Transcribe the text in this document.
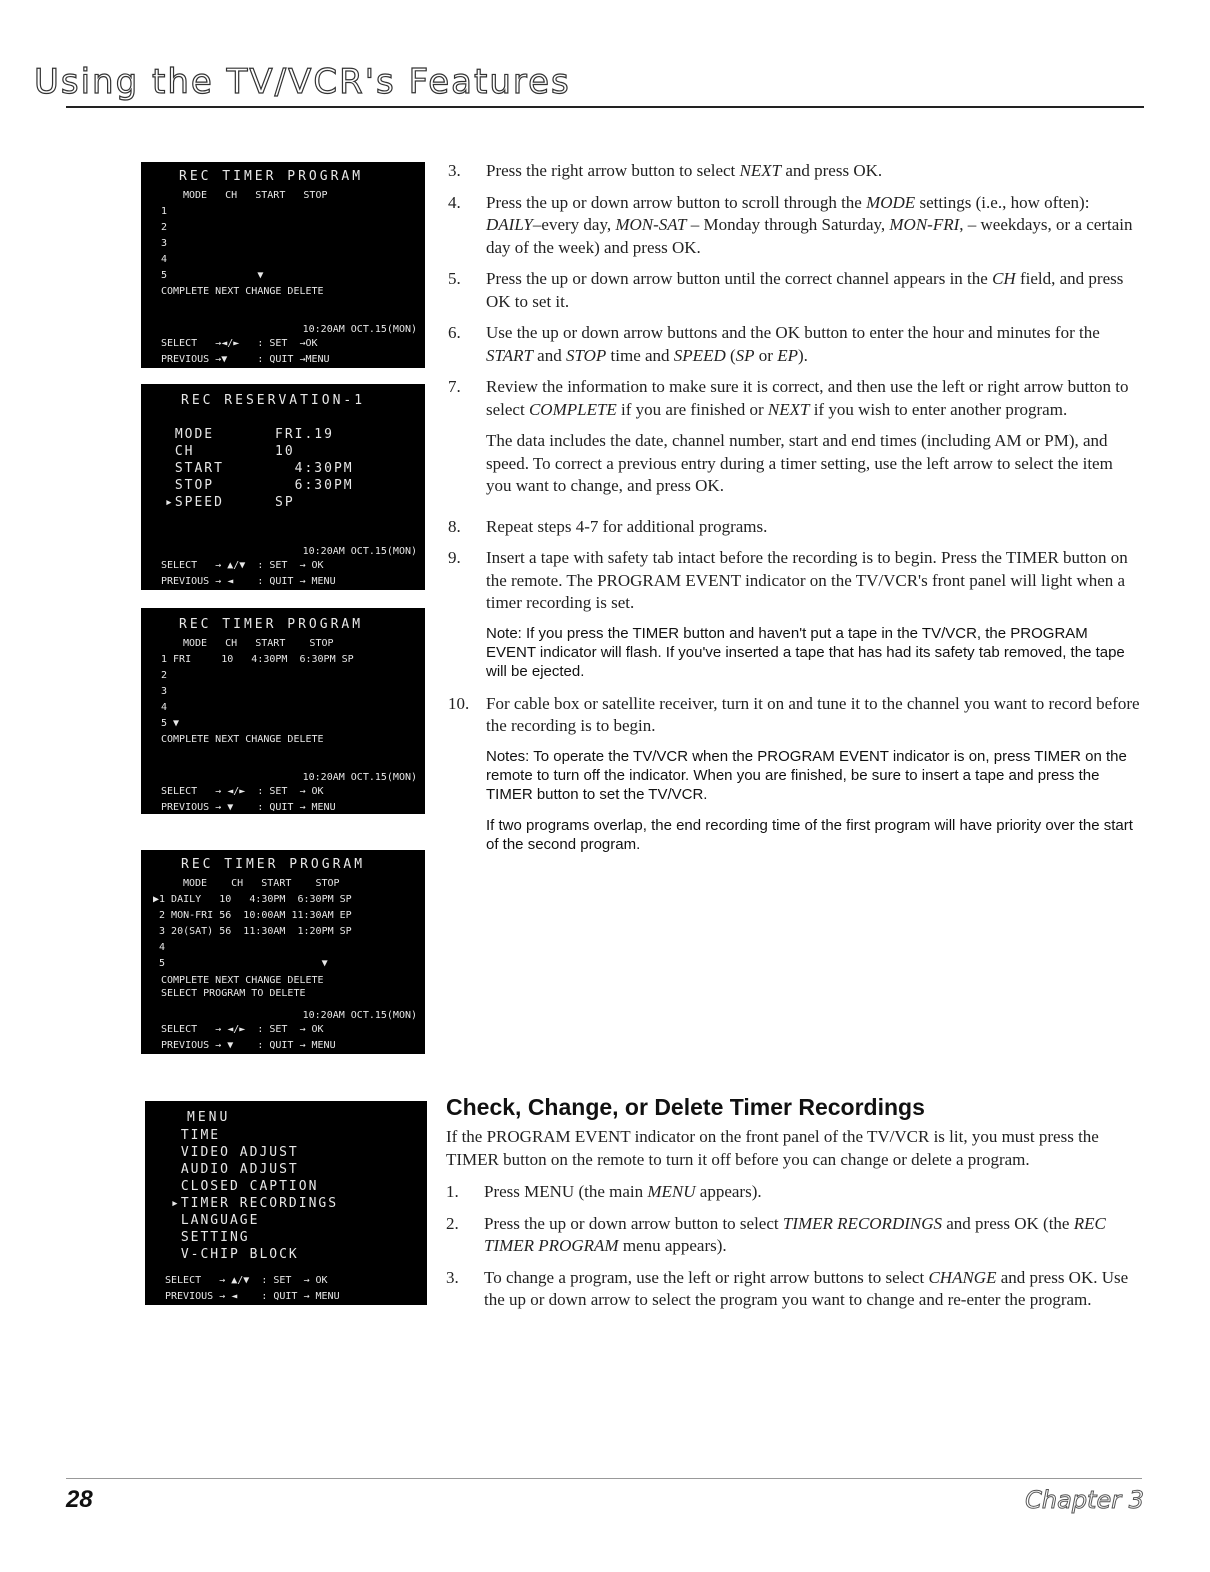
Using the TV/VCR's Features
REC TIMER PROGRAM
MODE   CH   START   STOP
1
2
3
4
5               ▼
COMPLETE NEXT CHANGE DELETE
10:20AM OCT.15(MON)
SELECT   →◄/►   : SET  →OK
PREVIOUS →▼     : QUIT →MENU
REC RESERVATION-1
MODE	FRI.19
CH	10
START	4:30PM
STOP	6:30PM
▸SPEED	SP
10:20AM OCT.15(MON)
SELECT   → ▲/▼  : SET  → OK
PREVIOUS → ◄    : QUIT → MENU
REC TIMER PROGRAM
MODE   CH   START    STOP
1 FRI     10   4:30PM  6:30PM SP
2
3
4
5 ▼
COMPLETE NEXT CHANGE DELETE
10:20AM OCT.15(MON)
SELECT   → ◄/►  : SET  → OK
PREVIOUS → ▼    : QUIT → MENU
REC TIMER PROGRAM
MODE    CH   START    STOP
▶1 DAILY   10   4:30PM  6:30PM SP
2 MON-FRI 56  10:00AM 11:30AM EP
3 20(SAT) 56  11:30AM  1:20PM SP
4
5                          ▼
COMPLETE NEXT CHANGE DELETE
SELECT PROGRAM TO DELETE
10:20AM OCT.15(MON)
SELECT   → ◄/►  : SET  → OK
PREVIOUS → ▼    : QUIT → MENU
MENU
TIME
VIDEO ADJUST
AUDIO ADJUST
CLOSED CAPTION
▸TIMER RECORDINGS
LANGUAGE
SETTING
V-CHIP BLOCK
SELECT   → ▲/▼  : SET  → OK
PREVIOUS → ◄    : QUIT → MENU
3.	Press the right arrow button to select NEXT and press OK.
4.	Press the up or down arrow button to scroll through the MODE settings (i.e., how often): DAILY–every day, MON-SAT – Monday through Saturday, MON-FRI, – weekdays, or a certain day of the week) and press OK.
5.	Press the up or down arrow button until the correct channel appears in the CH field, and press OK to set it.
6.	Use the up or down arrow buttons and the OK button to enter the hour and minutes for the START and STOP time and SPEED (SP or EP).
7.	Review the information to make sure it is correct, and then use the left or right arrow button to select COMPLETE if you are finished or NEXT if you wish to enter another program.

The data includes the date, channel number, start and end times (including AM or PM), and speed. To correct a previous entry during a timer setting, use the left arrow to select the item you want to change, and press OK.

8.	Repeat steps 4-7 for additional programs.
9.	Insert a tape with safety tab intact before the recording is to begin. Press the TIMER button on the remote. The PROGRAM EVENT indicator on the TV/VCR's front panel will light when a timer recording is set.
Note: If you press the TIMER button and haven't put a tape in the TV/VCR, the PROGRAM EVENT indicator will flash. If you've inserted a tape that has had its safety tab removed, the tape will be ejected.
10. For cable box or satellite receiver, turn it on and tune it to the channel you want to record before the recording is to begin.
Notes: To operate the TV/VCR when the PROGRAM EVENT indicator is on, press TIMER on the remote to turn off the indicator. When you are finished, be sure to insert a tape and press the TIMER button to set the TV/VCR.
If two programs overlap, the end recording time of the first program will have priority over the start of the second program.
Check, Change, or Delete Timer Recordings

If the PROGRAM EVENT indicator on the front panel of the TV/VCR is lit, you must press the TIMER button on the remote to turn it off before you can change or delete a program.

1.	Press MENU (the main MENU appears).
2.	Press the up or down arrow button to select TIMER RECORDINGS and press OK (the REC TIMER PROGRAM menu appears).
3.	To change a program, use the left or right arrow buttons to select CHANGE and press OK. Use the up or down arrow to select the program you want to change and re-enter the program.
28	Chapter 3
